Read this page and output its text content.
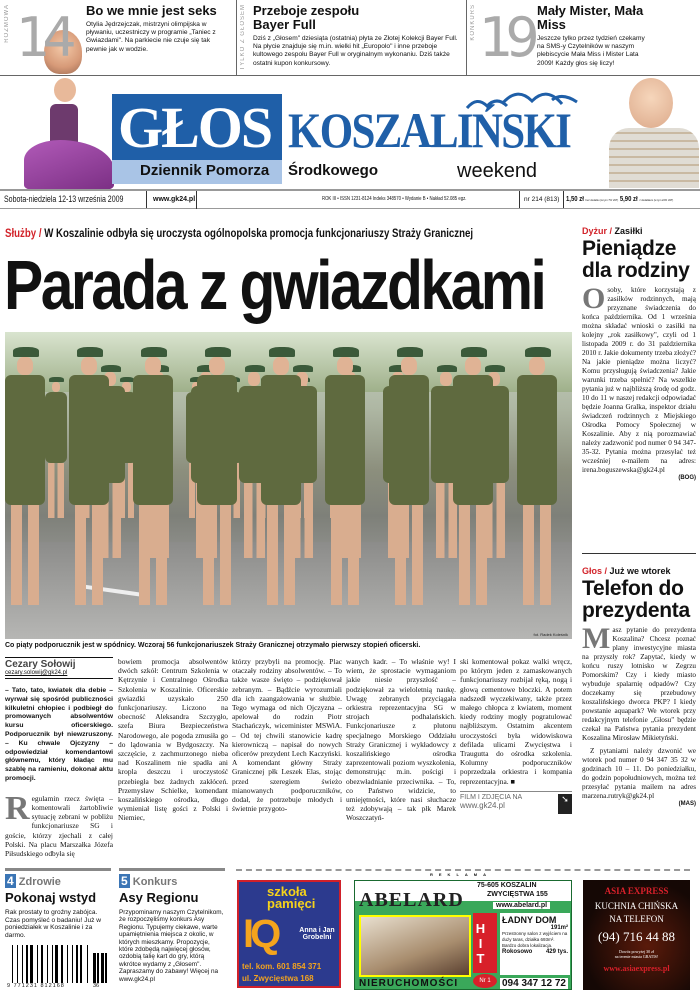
ROZMOWA 14 Bo we mnie jest seks

Otylia Jędrzejczak, mistrzyni olimpijska w pływaniu, uczestniczy w programie „Taniec z Gwiazdami". Na parkiecie nie czuje się tak pewnie jak w wodzie.	TYLKO Z GŁOSEM Przeboje zespołu Bayer Full

Dziś z „Głosem" dziesiąta (ostatnia) płyta ze Złotej Kolekcji Bayer Full. Na płycie znajduje się m.in. wielki hit „Europolo" i inne przeboje kultowego zespołu Bayer Full w oryginalnym wykonaniu. Dziś także ostatni kupon konkursowy.

KONKURS 19 Mały Mister, Mała Miss

Jeszcze tylko przez tydzień czekamy na SMS-y Czytelników w naszym plebiscycie Mała Miss i Mister Lata 2009! Każdy głos się liczy!

GŁOS
Dziennik Pomorza
KOSZALIŃSKI
Środkowego	weekend
Sobota-niedziela 12-13 września 2009	www.gk24.pl	ROK III • ISSN 1231-8124 Indeks 348570 • Wydanie B • Nakład 52.085 egz.	nr 214 (813) 1,50 zł bez dodatku (w tym 7% VAT) 5,90 zł z dodatkiem (w tym 22% VAT)
Służby / W Koszalinie odbyła się uroczysta ogólnopolska promocja funkcjonariuszy Straży Granicznej
Parada z gwiazdkami
fot. Radek Koleśnik
Co piąty podporucznik jest w spódnicy. Wczoraj 56 funkcjonariuszek Straży Granicznej otrzymało pierwszy stopień oficerski.
Cezary Sołowij
cezary.solowij@gk24.pl

– Tato, tato, kwiatek dla debie – wyrwał się spośród publiczności kilkuletni chłopiec i podbiegł do promowanych absolwentów kursu oficerskiego. Podporucznik był niewzruszony. – Ku chwale Ojczyzny – odpowiedział komendantowi głównemu, który kładąc mu szablę na ramieniu, dokonał aktu promocji.

Regulamin rzecz święta – komentowali żartobliwie sytuację zebrani w pobliżu funkcjonariusze SG i goście, którzy zjechali z całej Polski. Na placu Marszałka Józefa Piłsudskiego odbyła się

bowiem promocja absolwentów dwóch szkół: Centrum Szkolenia w Kętrzynie i Centralnego Ośrodka Szkolenia w Koszalinie. Oficerskie gwiazdki uzyskało 250 funkcjonariuszy. Liczono na obecność Aleksandra Szczygło, szefa Biura Bezpieczeństwa Narodowego, ale pogoda zmusiła go do lądowania w Bydgoszczy. Na szczęście, z zachmurzonego nieba nad Koszalinem nie spadła ani kropla deszczu i uroczystość przebiegła bez żadnych zakłóceń. Przemysław Schielke, komendant koszalińskiego ośrodka, długo wymieniał listę gości z Polski i Niemiec,

którzy przybyli na promocję. Plac otaczały rodziny absolwentów. – To także wasze święto – podziękował zebranym. – Bądźcie wyrozumiali dla ich zaangażowania w służbie. Tego wymaga od nich Ojczyzna – apelował do rodzin Piotr Stachańczyk, wiceminister MSWiA. – Od tej chwili stanowicie kadrę kierowniczą – napisał do nowych oficerów prezydent Lech Kaczyński. A komendant główny Straży Granicznej płk Leszek Elas, stojąc przed szeregiem świeżo mianowanych podporuczników, dodał, że potrzebuje młodych i świetnie przygoto-

wanych kadr. – To właśnie wy! I wiem, że sprostacie wymaganiom jakie niesie przyszłość – podziękował za wieloletnią naukę. Uwagę zebranych przyciągała orkiestra reprezentacyjna SG w strojach podhalańskich. Funkcjonariusze z plutonu specjalnego Morskiego Oddziału Straży Granicznej i wykładowcy z koszalińskiego ośrodka zaprezentowali poziom wyszkolenia, demonstrując m.in. pościgi i obezwładnianie przeciwnika. – To, co Państwo widzicie, to umiejętności, które nasi słuchacze też zdobywają – tak płk Marek Woszczatyń-

ski komentował pokaz walki wręcz, po którym jeden z zamaskowanych funkcjonariuszy rozbijał ręką, nogą i głową cementowe bloczki. A potem nadszedł wyczekiwany, także przez małego chłopca z kwiatem, moment kiedy rodziny mogły pogratulować najbliższym. Ostatnim akcentem uroczystości była widowiskowa defilada ulicami Zwycięstwa i Traugutta do ośrodka szkolenia. Kolumny podporuczników poprzedzała orkiestra i kompania reprezentacyjna. ■

FILM I ZDJĘCIA NA
www.gk24.pl
➘
Dyżur / Zasiłki
Pieniądze dla rodziny
Osoby, które korzystają z zasiłków rodzinnych, mają przyznane świadczenia do końca października. Od 1 września można składać wnioski o zasiłki na kolejny „rok zasiłkowy", czyli od 1 listopada 2009 r. do 31 października 2010 r. Jakie dokumenty trzeba złożyć? Na jakie pieniądze można liczyć? Komu przysługują świadczenia? Jakie warunki trzeba spełnić? Na wszelkie pytania już w najbliższą środę od godz. 10 do 11 w naszej redakcji odpowiadać będzie Joanna Gralka, inspektor działu świadczeń rodzinnych z Miejskiego Ośrodka Pomocy Społecznej w Koszalinie. Aby z nią porozmawiać należy zadzwonić pod numer 0 94 347-35-32. Pytania można przesyłać też wcześniej e-mailem na adres: irena.boguszewska@gk24.pl
(BOG)
Głos / Już we wtorek
Telefon do prezydenta
Masz pytanie do prezydenta Koszalina? Chcesz poznać plany inwestycyjne miasta na przyszły rok? Zapytać, kiedy w końcu ruszy lotnisko w Zegrzu Pomorskim? Czy i kiedy miasto wybuduje spalarnię odpadów? Czy doczekamy się przebudowy koszalińskiego dworca PKP? I kiedy powstanie aquapark? We wtorek przy redakcyjnym telefonie „Głosu" będzie czekał na Państwa pytania prezydent Koszalina Mirosław Mikietyński.

Z pytaniami należy dzwonić we wtorek pod numer 0 94 347 35 32 w godzinach 10 – 11. Do poniedziałku, do godzin popołudniowych, można też przesyłać pytania mailem na adres marzena.rutryk@gk24.pl

(MAS)
4 Zdrowie
Pokonaj wstyd

Rak prostaty to groźny zabójca. Czas pomyśleć o badaniu! Już w poniedziałek w Koszalinie i za darmo.

9 771231 812168	36
5 Konkurs
Asy Regionu

Przypominamy naszym Czytelnikom, że rozpoczęliśmy konkurs Asy Regionu. Typujemy ciekawe, warte upamiętnienia miejsca z okolic, w których mieszkamy. Propozycje, które zdobędą najwięcej głosów, ozdobią talię kart do gry, którą wkrótce wydamy z „Głosem". Zapraszamy do zabawy! Więcej na www.gk24.pl

REKLAMA
szkoła pamięci
IQ	Anna i Jan Grobelni
tel. kom. 601 854 371
ul. Zwycięstwa 168
ABELARD
75-605 KOSZALIN
ZWYCIĘSTWA 155
www.abelard.pl
HIT
Nr 1
ŁADNY DOM
191m²
Przestronny salon z wyjściem na duży taras, działka 693m². Bardzo dobra lokalizacja.
Rokosowo 429 tys.
NIERUCHOMOŚCI	094 347 12 72
ASIA EXPRESS
KUCHNIA CHIŃSKA
NA TELEFON
(94) 716 44 88
Dowóz powyżej 30 zł
na terenie miasta GRATIS!
www.asiaexpress.pl
